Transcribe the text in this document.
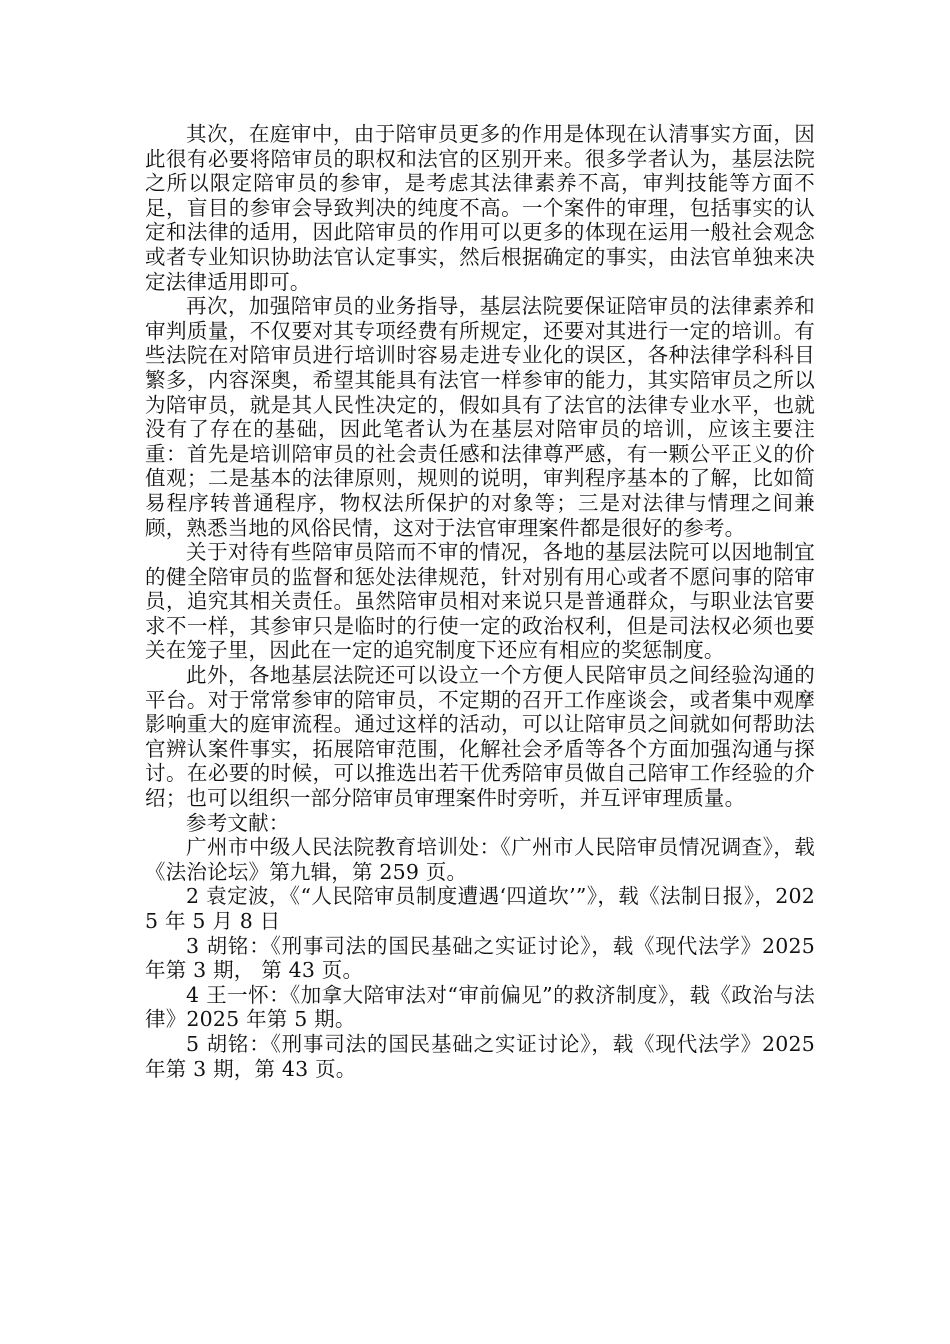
其次，在庭审中，由于陪审员更多的作用是体现在认清事实方面，因此很有必要将陪审员的职权和法官的区别开来。很多学者认为，基层法院之所以限定陪审员的参审，是考虑其法律素养不高，审判技能等方面不足，盲目的参审会导致判决的纯度不高。一个案件的审理，包括事实的认定和法律的适用，因此陪审员的作用可以更多的体现在运用一般社会观念或者专业知识协助法官认定事实，然后根据确定的事实，由法官单独来决定法律适用即可。

再次，加强陪审员的业务指导，基层法院要保证陪审员的法律素养和审判质量，不仅要对其专项经费有所规定，还要对其进行一定的培训。有些法院在对陪审员进行培训时容易走进专业化的误区，各种法律学科科目繁多，内容深奥，希望其能具有法官一样参审的能力，其实陪审员之所以为陪审员，就是其人民性决定的，假如具有了法官的法律专业水平，也就没有了存在的基础，因此笔者认为在基层对陪审员的培训，应该主要注重：首先是培训陪审员的社会责任感和法律尊严感，有一颗公平正义的价值观；二是基本的法律原则，规则的说明，审判程序基本的了解，比如简易程序转普通程序，物权法所保护的对象等；三是对法律与情理之间兼顾，熟悉当地的风俗民情，这对于法官审理案件都是很好的参考。

关于对待有些陪审员陪而不审的情况，各地的基层法院可以因地制宜的健全陪审员的监督和惩处法律规范，针对别有用心或者不愿问事的陪审员，追究其相关责任。虽然陪审员相对来说只是普通群众，与职业法官要求不一样，其参审只是临时的行使一定的政治权利，但是司法权必须也要关在笼子里，因此在一定的追究制度下还应有相应的奖惩制度。

此外，各地基层法院还可以设立一个方便人民陪审员之间经验沟通的平台。对于常常参审的陪审员，不定期的召开工作座谈会，或者集中观摩影响重大的庭审流程。通过这样的活动，可以让陪审员之间就如何帮助法官辨认案件事实，拓展陪审范围，化解社会矛盾等各个方面加强沟通与探讨。在必要的时候，可以推选出若干优秀陪审员做自己陪审工作经验的介绍；也可以组织一部分陪审员审理案件时旁听，并互评审理质量。

参考文献：

广州市中级人民法院教育培训处：《广州市人民陪审员情况调查》，载《法治论坛》第九辑，第 259 页。

2 袁定波，《“人民陪审员制度遭遇‘四道坎’”》，载《法制日报》，2025 年 5 月 8 日

3 胡铭：《刑事司法的国民基础之实证讨论》，载《现代法学》2025 年第 3 期， 第 43 页。

4 王一怀：《加拿大陪审法对“审前偏见”的救济制度》，载《政治与法律》2025 年第 5 期。

5 胡铭：《刑事司法的国民基础之实证讨论》，载《现代法学》2025 年第 3 期，第 43 页。
